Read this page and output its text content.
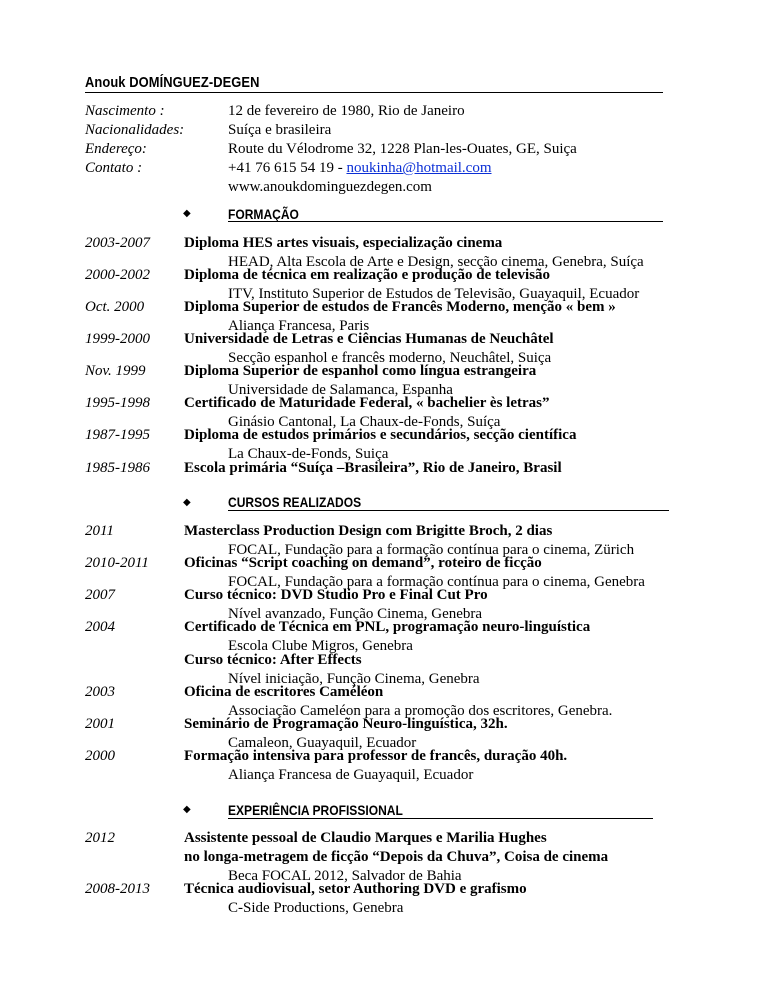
Anouk DOMÍNGUEZ-DEGEN
Nascimento :	12 de fevereiro de 1980, Rio de Janeiro
Nacionalidades:	Suíça e brasileira
Endereço:	Route du Vélodrome 32, 1228 Plan-les-Ouates, GE, Suiça
Contato :	+41 76 615 54 19 - noukinha@hotmail.com
www.anoukdominguezdegen.com
◆	FORMAÇÃO
2003-2007 Diploma HES artes visuais, especialização cinema
HEAD, Alta Escola de Arte e Design, secção cinema, Genebra, Suíça
2000-2002 Diploma de técnica em realização e produção de televisão
ITV, Instituto Superior de Estudos de Televisão, Guayaquil, Ecuador
Oct. 2000	Diploma Superior de estudos de Francês Moderno, menção « bem »
Aliança Francesa, Paris
1999-2000 Universidade de Letras e Ciências Humanas de Neuchâtel
Secção espanhol e francês moderno, Neuchâtel, Suiça
Nov. 1999	Diploma Superior de espanhol como língua estrangeira
Universidade de Salamanca, Espanha
1995-1998 Certificado de Maturidade Federal, « bachelier ès letras”
Ginásio Cantonal, La Chaux-de-Fonds, Suíça
1987-1995 Diploma de estudos primários e secundários, secção científica
La Chaux-de-Fonds, Suiça
1985-1986 Escola primária “Suíça –Brasileira”, Rio de Janeiro, Brasil
◆	CURSOS REALIZADOS
2011	Masterclass Production Design com Brigitte Broch, 2 dias
FOCAL, Fundação para a formação contínua para o cinema, Zürich
2010-2011 Oficinas “Script coaching on demand”, roteiro de ficção
FOCAL, Fundação para a formação contínua para o cinema, Genebra
2007	Curso técnico: DVD Studio Pro e Final Cut Pro
Nível avanzado, Função Cinema, Genebra
2004	Certificado de Técnica em PNL, programação neuro-linguística
Escola Clube Migros, Genebra
Curso técnico: After Effects
Nível iniciação, Função Cinema, Genebra
2003	Oficina de escritores Caméléon
Associação Cameléon para a promoção dos escritores, Genebra.
2001	Seminário de Programação Neuro-linguística, 32h.
Camaleon, Guayaquil, Ecuador
2000	Formação intensiva para professor de francês, duração 40h.
Aliança Francesa de Guayaquil, Ecuador
◆	EXPERIÊNCIA PROFISSIONAL
2012	Assistente pessoal de Claudio Marques e Marilia Hughes
no longa-metragem de ficção “Depois da Chuva”, Coisa de cinema
Beca FOCAL 2012, Salvador de Bahia
2008-2013 Técnica audiovisual, setor Authoring DVD e grafismo
C-Side Productions, Genebra
